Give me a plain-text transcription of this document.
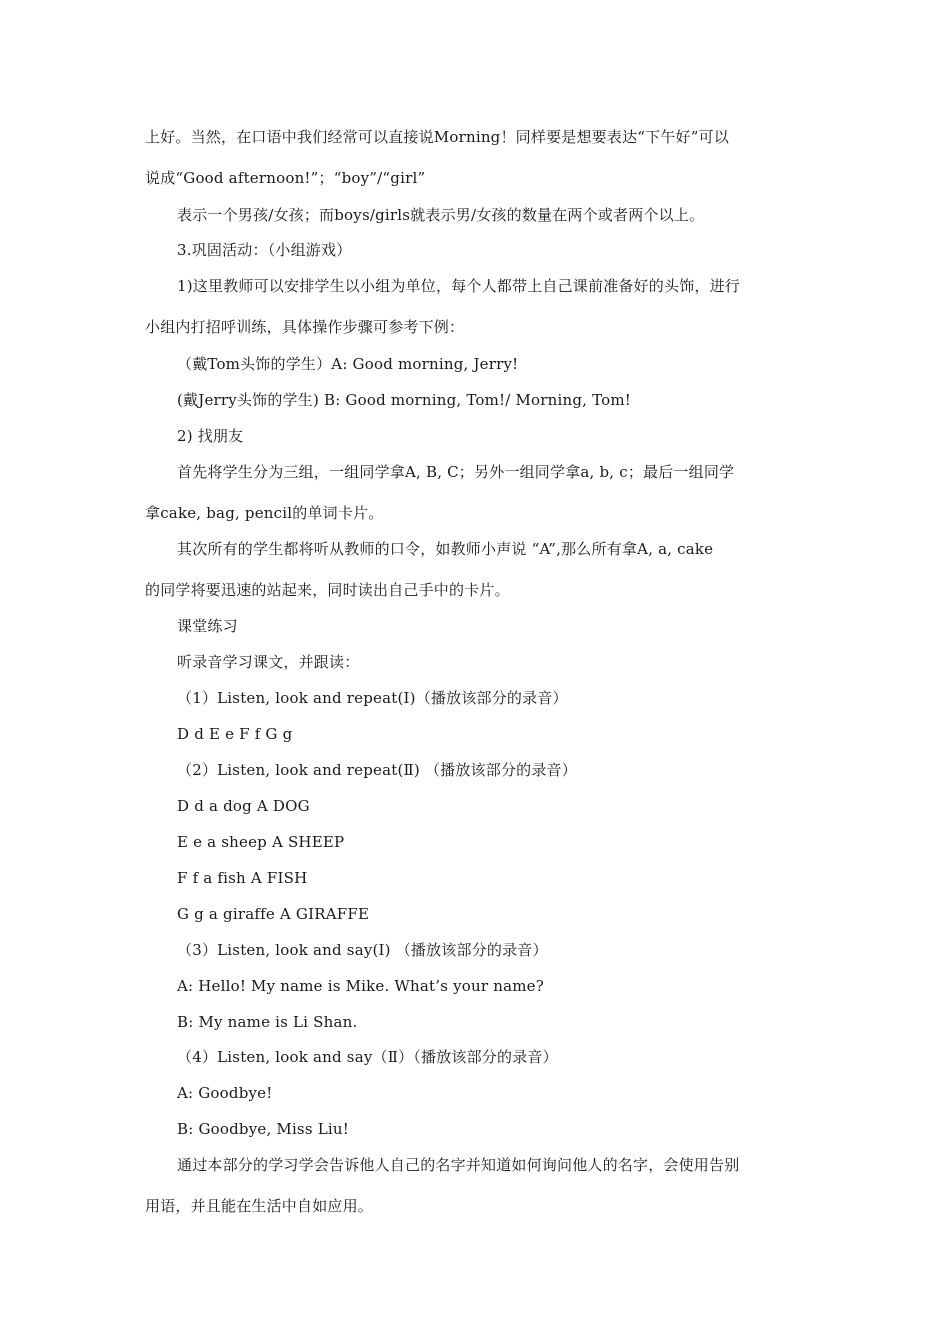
上好。当然，在口语中我们经常可以直接说Morning！同样要是想要表达“下午好”可以
说成“Good afternoon!”；“boy”/“girl”
表示一个男孩/女孩；而boys/girls就表示男/女孩的数量在两个或者两个以上。
3.巩固活动：（小组游戏）
1)这里教师可以安排学生以小组为单位，每个人都带上自己课前准备好的头饰，进行
小组内打招呼训练，具体操作步骤可参考下例：
（戴Tom头饰的学生）A: Good morning, Jerry!
(戴Jerry头饰的学生) B: Good morning, Tom!/ Morning, Tom!
2) 找朋友
首先将学生分为三组，一组同学拿A, B, C；另外一组同学拿a, b, c；最后一组同学
拿cake, bag, pencil的单词卡片。
其次所有的学生都将听从教师的口令，如教师小声说 “A”,那么所有拿A, a, cake
的同学将要迅速的站起来，同时读出自己手中的卡片。
课堂练习
听录音学习课文，并跟读：
（1）Listen, look and repeat(Ⅰ)（播放该部分的录音）
D d E e F f G g
（2）Listen, look and repeat(Ⅱ) （播放该部分的录音）
D d a dog A DOG
E e a sheep A SHEEP
F f a fish A FISH
G g a giraffe A GIRAFFE
（3）Listen, look and say(Ⅰ) （播放该部分的录音）
A: Hello! My name is Mike. What’s your name?
B: My name is Li Shan.
（4）Listen, look and say（Ⅱ）（播放该部分的录音）
A: Goodbye!
B: Goodbye, Miss Liu!
通过本部分的学习学会告诉他人自己的名字并知道如何询问他人的名字，会使用告别
用语，并且能在生活中自如应用。
